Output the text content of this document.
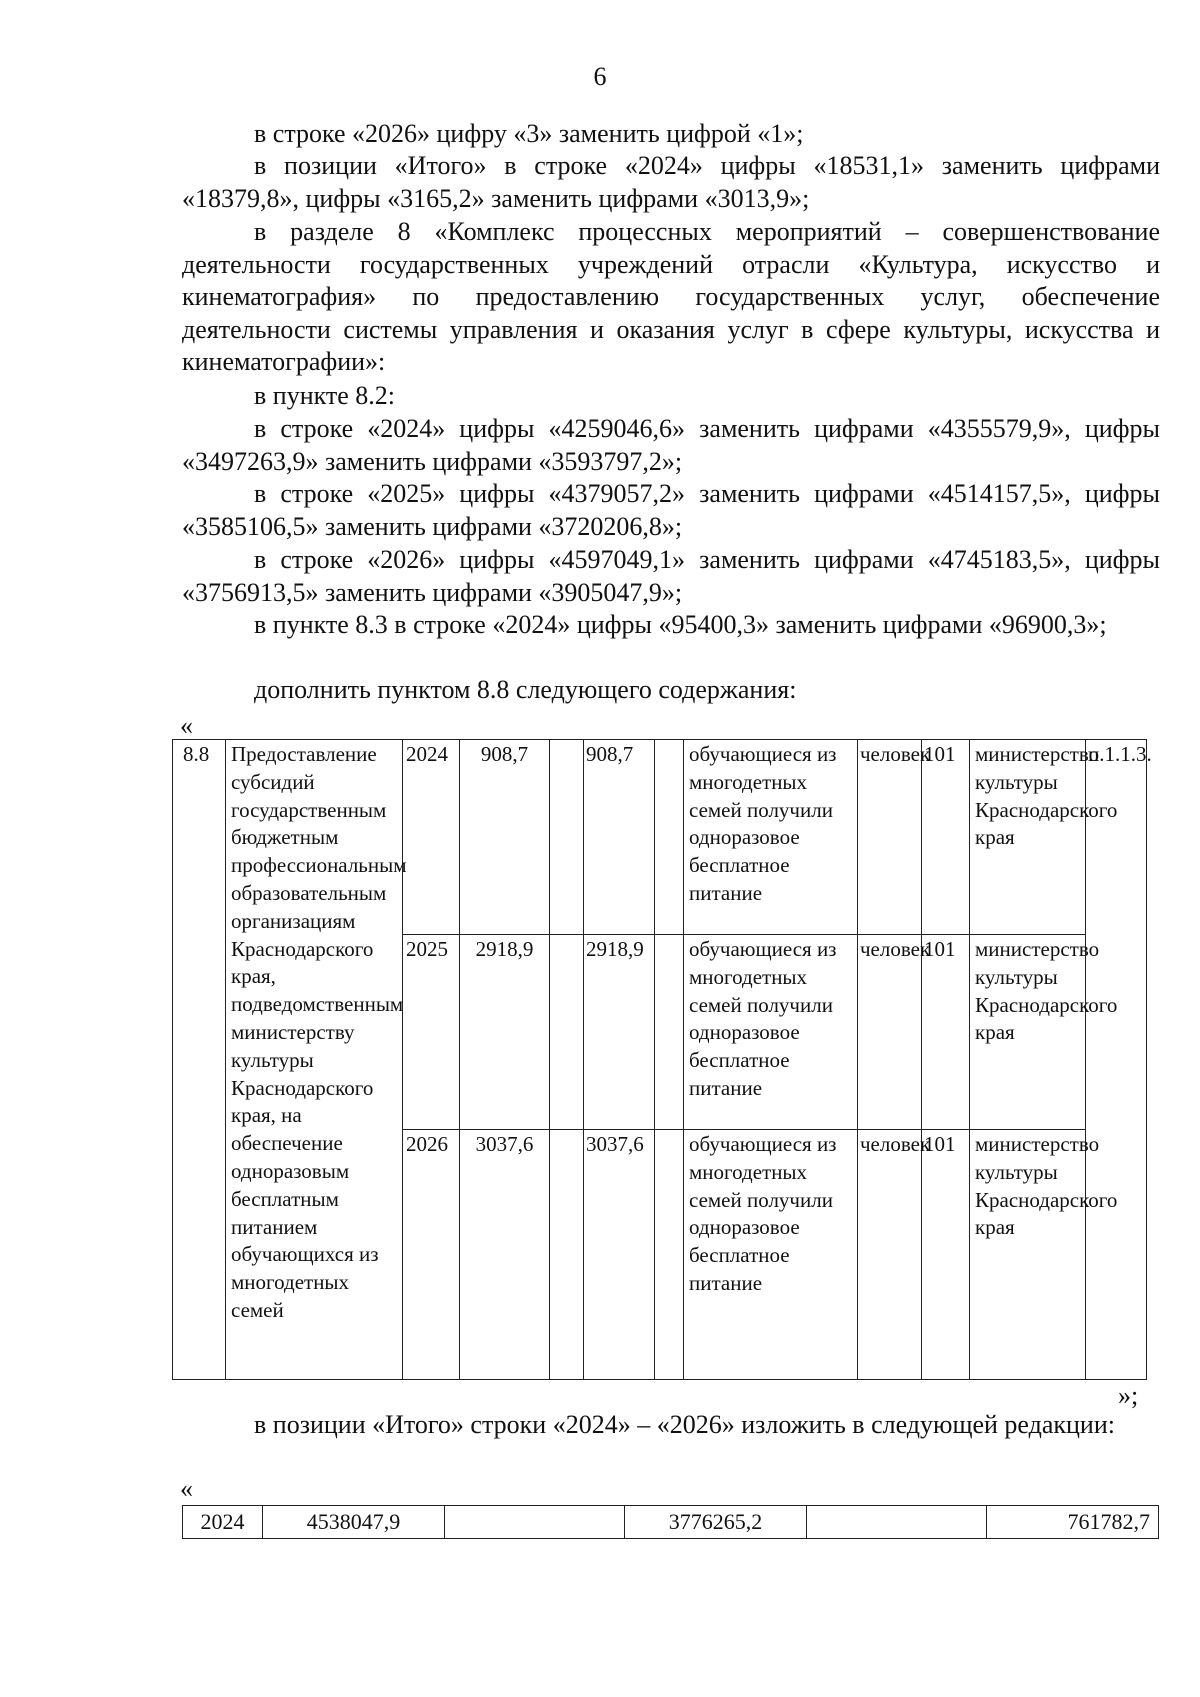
6

в строке «2026» цифру «3» заменить цифрой «1»;

в позиции «Итого» в строке «2024» цифры «18531,1» заменить цифрами «18379,8», цифры «3165,2» заменить цифрами «3013,9»;

в разделе 8 «Комплекс процессных мероприятий – совершенствование деятельности государственных учреждений отрасли «Культура, искусство и кинематография» по предоставлению государственных услуг, обеспечение деятельности системы управления и оказания услуг в сфере культуры, искусства и кинематографии»:

в пункте 8.2:

в строке «2024» цифры «4259046,6» заменить цифрами «4355579,9», цифры «3497263,9» заменить цифрами «3593797,2»;

в строке «2025» цифры «4379057,2» заменить цифрами «4514157,5», цифры «3585106,5» заменить цифрами «3720206,8»;

в строке «2026» цифры «4597049,1» заменить цифрами «4745183,5», цифры «3756913,5» заменить цифрами «3905047,9»;

в пункте 8.3 в строке «2024» цифры «95400,3» заменить цифрами «96900,3»;

дополнить пунктом 8.8 следующего содержания:

«
8.8	Предоставление субсидий государственным бюджетным профессиональным образовательным организациям Краснодарского края, подведомственным министерству культуры Краснодарского края, на обеспечение одноразовым бесплатным питанием обучающихся из многодетных семей	2024	908,7		908,7		обучающиеся из многодетных семей получили одноразовое бесплатное питание	человек	101	министерство культуры Краснодарского края	п.1.1.3.
		2025	2918,9		2918,9		обучающиеся из многодетных семей получили одноразовое бесплатное питание	человек	101	министерство культуры Краснодарского края	
		2026	3037,6		3037,6		обучающиеся из многодетных семей получили одноразовое бесплатное питание	человек	101	министерство культуры Краснодарского края	
»;

в позиции «Итого» строки «2024» – «2026» изложить в следующей редакции:

«
2024	4538047,9		3776265,2		761782,7
